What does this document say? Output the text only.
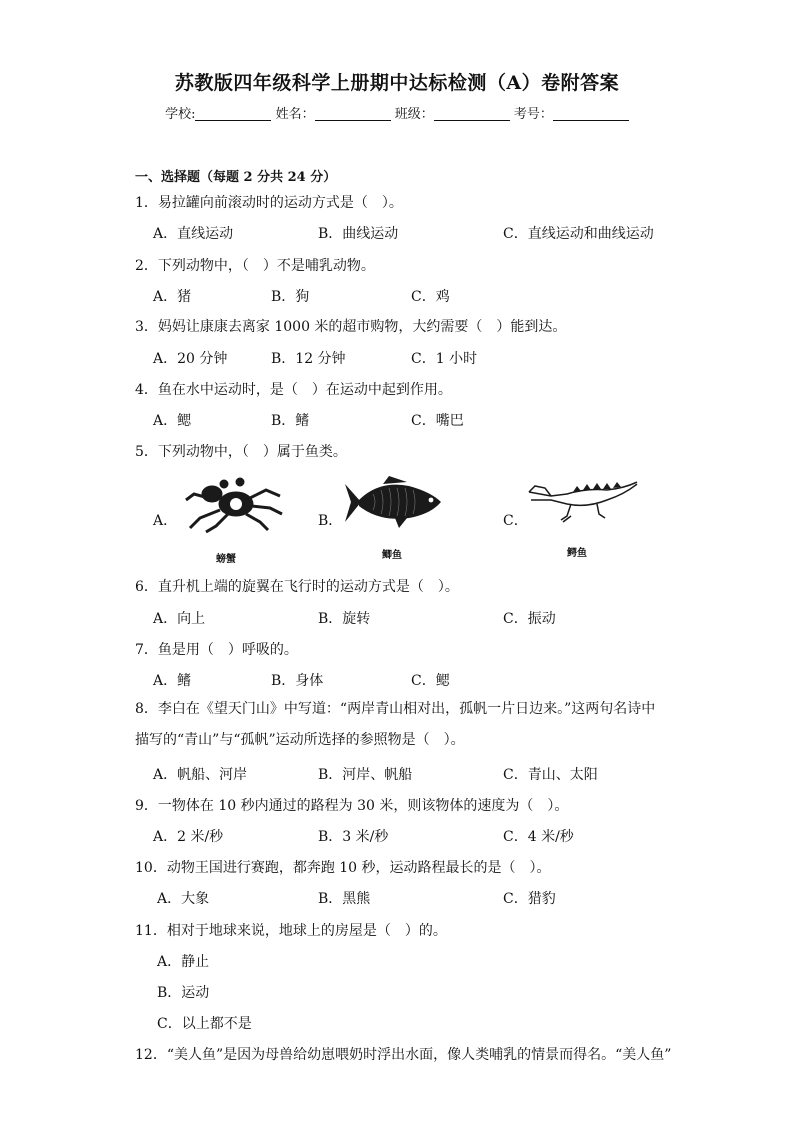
苏教版四年级科学上册期中达标检测（A）卷附答案
学校:	姓名：	班级：	考号：
一、选择题（每题 2 分共 24 分）
1．易拉罐向前滚动时的运动方式是（　）。
A．直线运动	B．曲线运动	C．直线运动和曲线运动
2．下列动物中，（　）不是哺乳动物。
A．猪	B．狗	C．鸡
3．妈妈让康康去离家 1000 米的超市购物，大约需要（　）能到达。
A．20 分钟	B．12 分钟	C．1 小时
4．鱼在水中运动时，是（　）在运动中起到作用。
A．鳃	B．鳍	C．嘴巴
5．下列动物中，（　）属于鱼类。
A．	B．	C．
螃蟹	鲫鱼	鳄鱼
6．直升机上端的旋翼在飞行时的运动方式是（　）。
A．向上	B．旋转	C．振动
7．鱼是用（　）呼吸的。
A．鳍	B．身体	C．鳃
8．李白在《望天门山》中写道：“两岸青山相对出，孤帆一片日边来。”这两句名诗中描写的“青山”与“孤帆”运动所选择的参照物是（　）。
A．帆船、河岸	B．河岸、帆船	C．青山、太阳
9．一物体在 10 秒内通过的路程为 30 米，则该物体的速度为（　）。
A．2 米/秒	B．3 米/秒	C．4 米/秒
10．动物王国进行赛跑，都奔跑 10 秒，运动路程最长的是（　）。
A．大象	B．黑熊	C．猎豹
11．相对于地球来说，地球上的房屋是（　）的。
A．静止
B．运动
C．以上都不是
12．“美人鱼”是因为母兽给幼崽喂奶时浮出水面，像人类哺乳的情景而得名。“美人鱼”
